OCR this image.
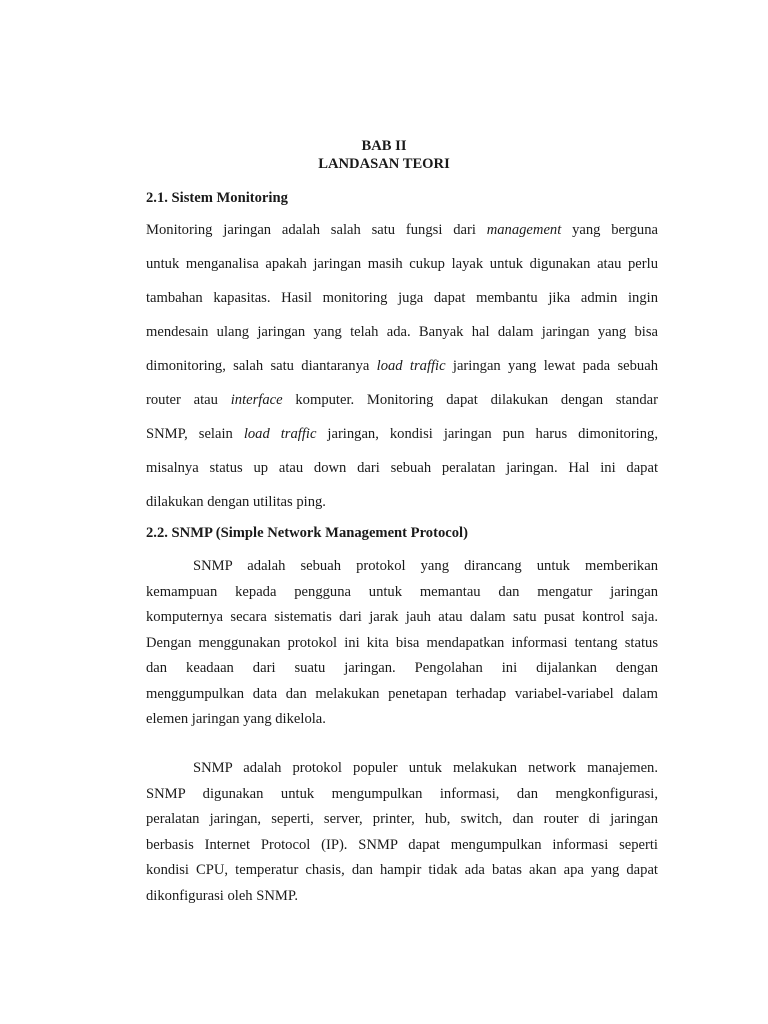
BAB II

LANDASAN TEORI

2.1. Sistem Monitoring

Monitoring jaringan adalah salah satu fungsi dari management yang berguna
untuk menganalisa apakah jaringan masih cukup layak untuk digunakan atau perlu
tambahan kapasitas. Hasil monitoring juga dapat membantu jika admin ingin
mendesain ulang jaringan yang telah ada. Banyak hal dalam jaringan yang bisa
dimonitoring, salah satu diantaranya load traffic jaringan yang lewat pada sebuah
router atau interface komputer. Monitoring dapat dilakukan dengan standar
SNMP, selain load traffic jaringan, kondisi jaringan pun harus dimonitoring,
misalnya status up atau down dari sebuah peralatan jaringan. Hal ini dapat
dilakukan dengan utilitas ping.

2.2. SNMP (Simple Network Management Protocol)

SNMP adalah sebuah protokol yang dirancang untuk memberikan
kemampuan kepada pengguna untuk memantau dan mengatur jaringan
komputernya secara sistematis dari jarak jauh atau dalam satu pusat kontrol saja.
Dengan menggunakan protokol ini kita bisa mendapatkan informasi tentang status
dan keadaan dari suatu jaringan. Pengolahan ini dijalankan dengan
menggumpulkan data dan melakukan penetapan terhadap variabel-variabel dalam
elemen jaringan yang dikelola.
SNMP adalah protokol populer untuk melakukan network manajemen.
SNMP digunakan untuk mengumpulkan informasi, dan mengkonfigurasi,
peralatan jaringan, seperti, server, printer, hub, switch, dan router di jaringan
berbasis Internet Protocol (IP). SNMP dapat mengumpulkan informasi seperti
kondisi CPU, temperatur chasis, dan hampir tidak ada batas akan apa yang dapat
dikonfigurasi oleh SNMP.
